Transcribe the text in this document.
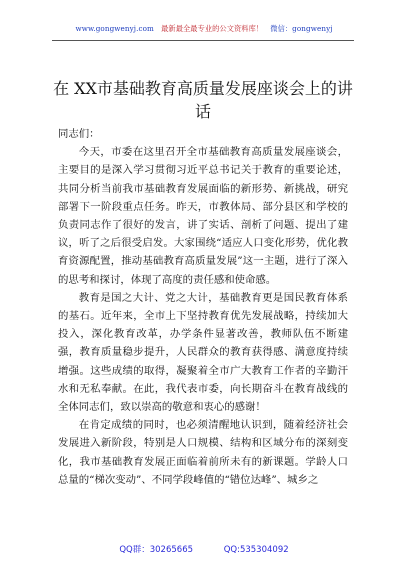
www.gongwenyj.com 最新最全最专业的公文资料库！ 微信：gongwenyj
在 XX市基础教育高质量发展座谈会上的讲话

同志们：

今天，市委在这里召开全市基础教育高质量发展座谈会，主要目的是深入学习贯彻习近平总书记关于教育的重要论述，共同分析当前我市基础教育发展面临的新形势、新挑战，研究部署下一阶段重点任务。昨天，市教体局、部分县区和学校的负责同志作了很好的发言，讲了实话、剖析了问题、提出了建议，听了之后很受启发。大家围绕“适应人口变化形势，优化教育资源配置，推动基础教育高质量发展”这一主题，进行了深入的思考和探讨，体现了高度的责任感和使命感。

教育是国之大计、党之大计，基础教育更是国民教育体系的基石。近年来，全市上下坚持教育优先发展战略，持续加大投入，深化教育改革，办学条件显著改善，教师队伍不断建强，教育质量稳步提升，人民群众的教育获得感、满意度持续增强。这些成绩的取得，凝聚着全市广大教育工作者的辛勤汗水和无私奉献。在此，我代表市委，向长期奋斗在教育战线的全体同志们，致以崇高的敬意和衷心的感谢！

在肯定成绩的同时，也必须清醒地认识到，随着经济社会发展进入新阶段，特别是人口规模、结构和区域分布的深刻变化，我市基础教育发展正面临着前所未有的新课题。学龄人口总量的“梯次变动”、不同学段峰值的“错位达峰”、城乡之

QQ群：30265665	QQ:535304092
